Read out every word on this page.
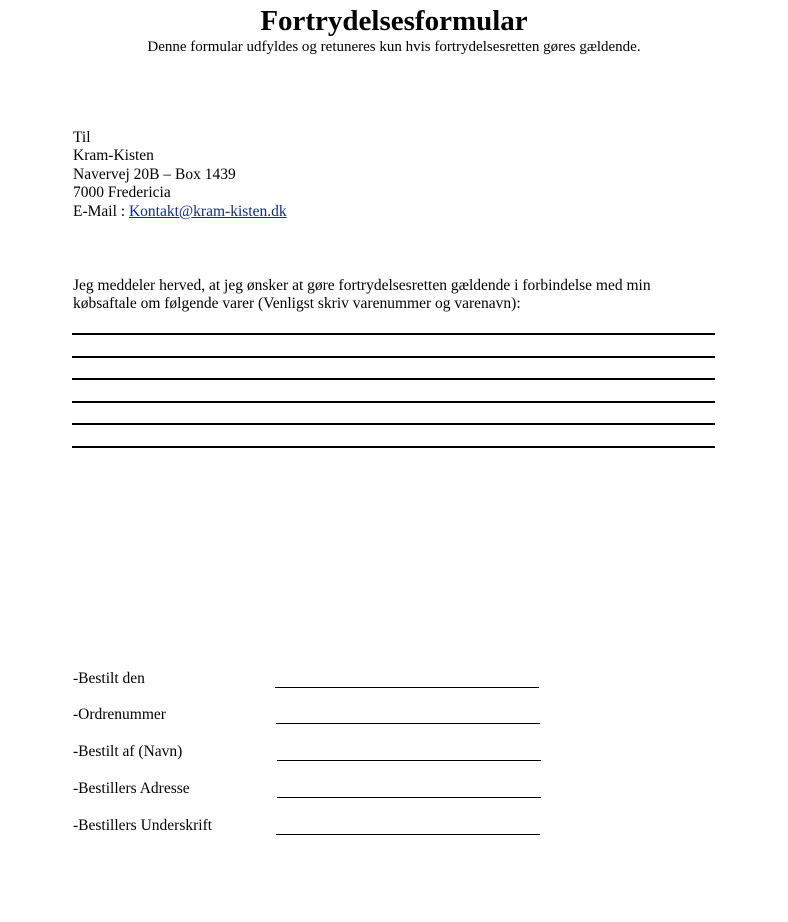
Fortrydelsesformular
Denne formular udfyldes og retuneres kun hvis fortrydelsesretten gøres gældende.
Til
Kram-Kisten
Navervej 20B – Box 1439
7000 Fredericia
E-Mail : Kontakt@kram-kisten.dk
Jeg meddeler herved, at jeg ønsker at gøre fortrydelsesretten gældende i forbindelse med min købsaftale om følgende varer (Venligst skriv varenummer og varenavn):
-Bestilt den
-Ordrenummer
-Bestilt af (Navn)
-Bestillers Adresse
-Bestillers Underskrift
